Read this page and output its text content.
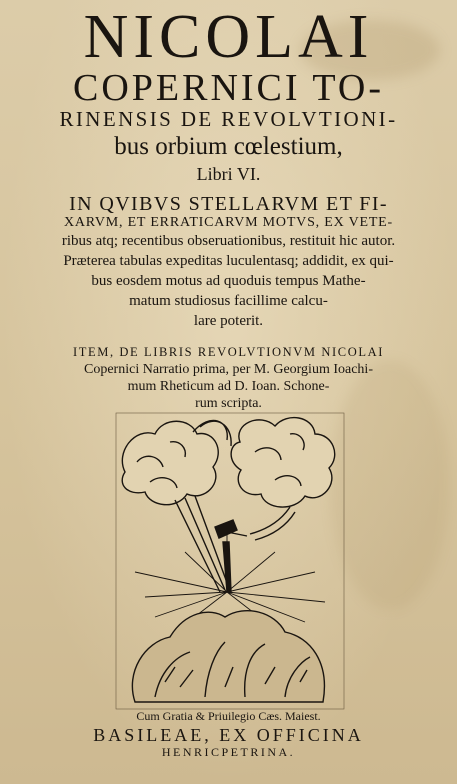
NICOLAI
COPERNICI TO-
RINENSIS DE REVOLVTIONI-
bus orbium cœlestium,
Libri VI.
IN QVIBVS STELLARVM ET FI-
XARVM, ET ERRATICARVM MOTVS, EX VETE-
ribus atq; recentibus obseruationibus, restituit hic autor.
Præterea tabulas expeditas luculentasq; addidit, ex qui-
bus eosdem motus ad quoduis tempus Mathe-
matum studiosus facillime calcu-
lare poterit.
ITEM, DE LIBRIS REVOLVTIONVM NICOLAI
Copernici Narratio prima, per M. Georgium Ioachi-
mum Rheticum ad D. Ioan. Schone-
rum scripta.
Cum Gratia & Priuilegio Cæs. Maiest.
BASILEAE, EX OFFICINA
HENRICPETRINA.
